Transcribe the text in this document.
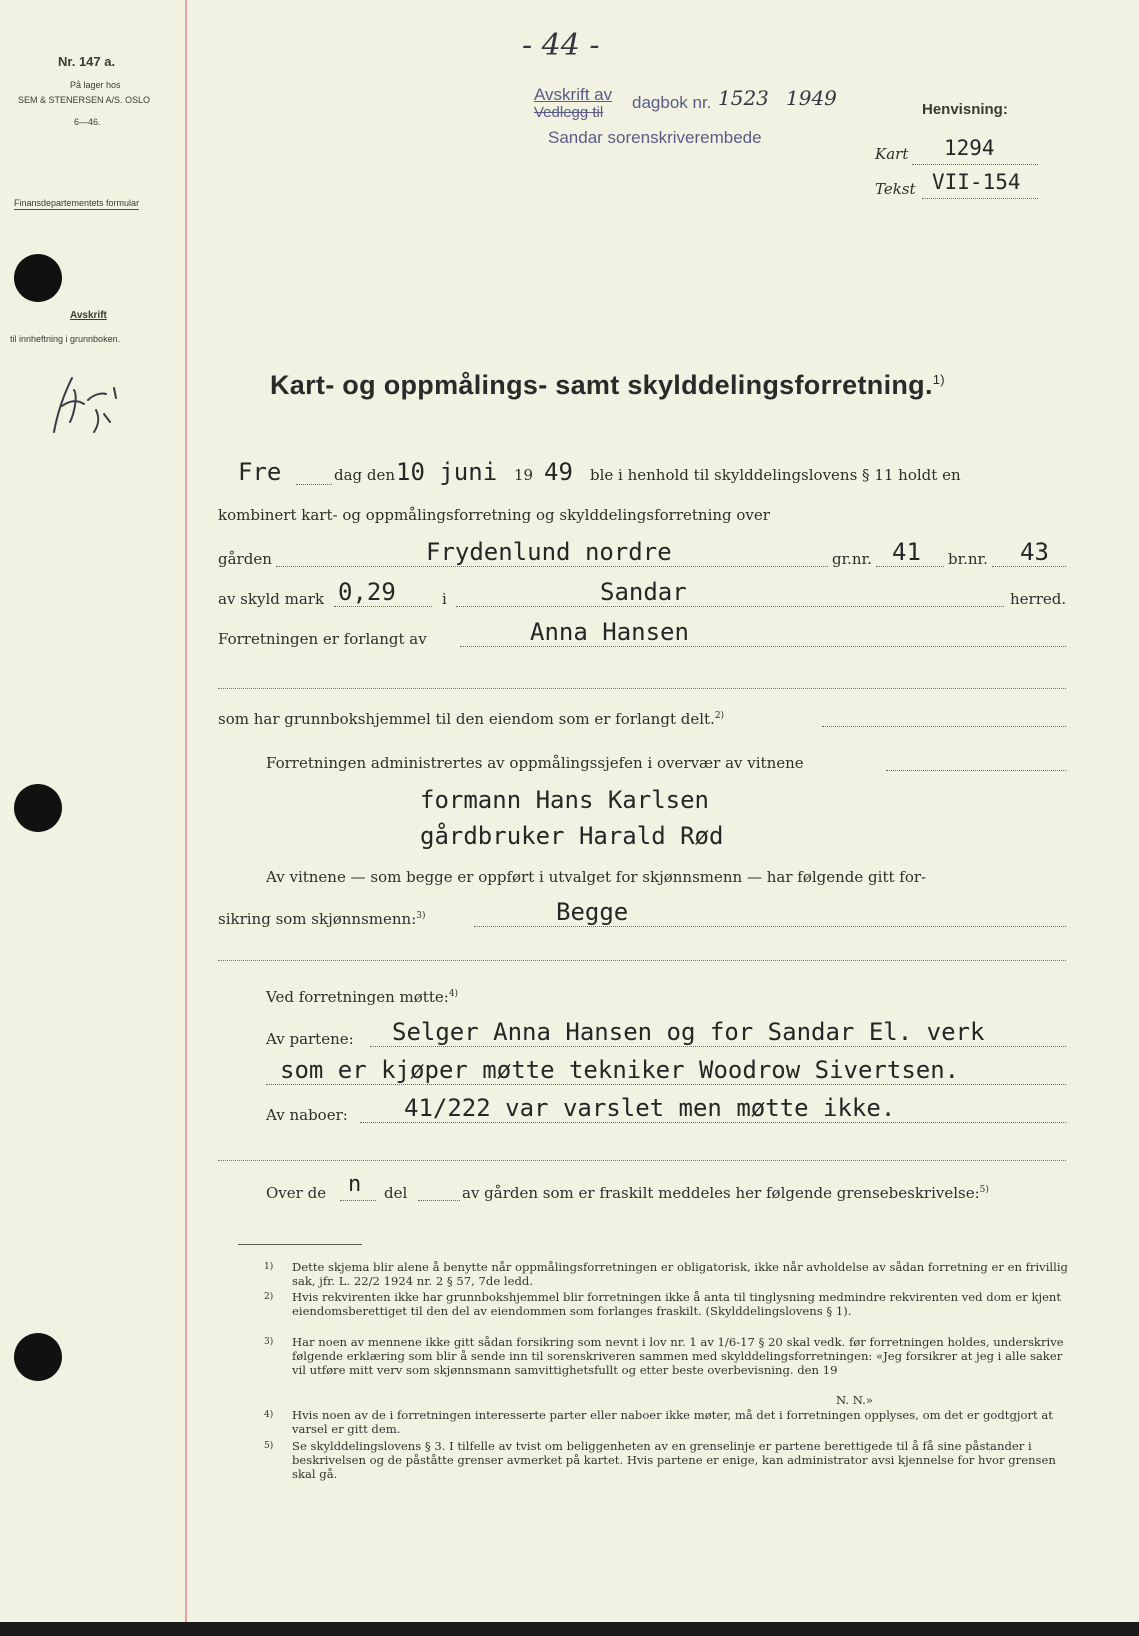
Nr. 147 a.
På lager hos
SEM & STENERSEN A/S. OSLO
6—46.
Finansdepartementets formular
Avskrift
til innheftning i grunnboken.
- 44 -
Avskrift av
Vedlegg til
dagbok nr. 1523 1949
Sandar sorenskriverembede
Henvisning:
Kart 1294
Tekst VII-154
Kart- og oppmålings- samt skylddelingsforretning.$^{1)}$
Fre	dag den 10 juni 19 49 ble i henhold til skylddelingslovens § 11 holdt en
kombinert kart- og oppmålingsforretning og skylddelingsforretning over
gården	Frydenlund nordre	gr.nr. 41 br.nr. 43
av skyld mark 0,29	i	Sandar	herred.
Forretningen er forlangt av	Anna Hansen
som har grunnbokshjemmel til den eiendom som er forlangt delt.$^{2)}$
Forretningen administrertes av oppmålingssjefen i overvær av vitnene
formann Hans Karlsen
gårdbruker Harald Rød
Av vitnene — som begge er oppført i utvalget for skjønnsmenn — har følgende gitt for-
sikring som skjønnsmenn:$^{3)}$	Begge
Ved forretningen møtte:$^{4)}$
Av partene: Selger Anna Hansen og for Sandar El. verk
som er kjøper møtte tekniker Woodrow Sivertsen.
Av naboer: 41/222 var varslet men møtte ikke.
Over de n del	av gården som er fraskilt meddeles her følgende grensebeskrivelse:$^{5)}$
1) Dette skjema blir alene å benytte når oppmålingsforretningen er obligatorisk, ikke når avholdelse av sådan forretning er en frivillig sak, jfr. L. 22/2 1924 nr. 2 § 57, 7de ledd.
2) Hvis rekvirenten ikke har grunnbokshjemmel blir forretningen ikke å anta til tinglysning medmindre rekvirenten ved dom er kjent eiendomsberettiget til den del av eiendommen som forlanges fraskilt. (Skylddelingslovens § 1).
3) Har noen av mennene ikke gitt sådan forsikring som nevnt i lov nr. 1 av 1/6-17 § 20 skal vedk. før forretningen holdes, underskrive følgende erklæring som blir å sende inn til sorenskriveren sammen med skylddelingsforretningen: «Jeg forsikrer at jeg i alle saker vil utføre mitt verv som skjønnsmann samvittighetsfullt og etter beste overbevisning. den 19
N. N.»
4) Hvis noen av de i forretningen interesserte parter eller naboer ikke møter, må det i forretningen opplyses, om det er godtgjort at varsel er gitt dem.
5) Se skylddelingslovens § 3. I tilfelle av tvist om beliggenheten av en grenselinje er partene berettigede til å få sine påstander i beskrivelsen og de påståtte grenser avmerket på kartet. Hvis partene er enige, kan administrator avsi kjennelse for hvor grensen skal gå.
